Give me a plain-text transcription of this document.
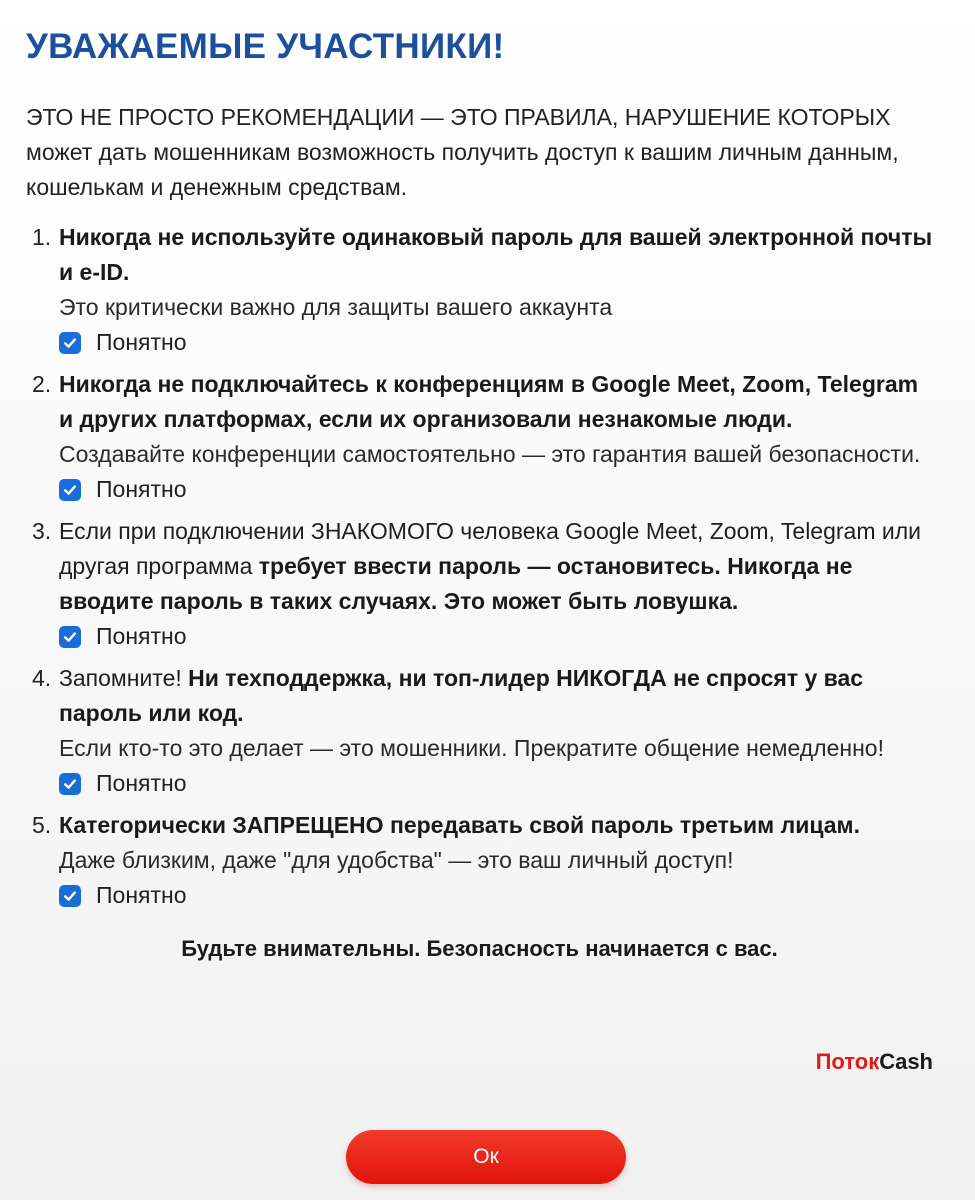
УВАЖАЕМЫЕ УЧАСТНИКИ!

ЭТО НЕ ПРОСТО РЕКОМЕНДАЦИИ — ЭТО ПРАВИЛА, НАРУШЕНИЕ КОТОРЫХ может дать мошенникам возможность получить доступ к вашим личным данным, кошелькам и денежным средствам.

1. Никогда не используйте одинаковый пароль для вашей электронной почты и e-ID.
Это критически важно для защиты вашего аккаунта
Понятно
2. Никогда не подключайтесь к конференциям в Google Meet, Zoom, Telegram и других платформах, если их организовали незнакомые люди.
Создавайте конференции самостоятельно — это гарантия вашей безопасности.
Понятно
3. Если при подключении ЗНАКОМОГО человека Google Meet, Zoom, Telegram или другая программа требует ввести пароль — остановитесь. Никогда не вводите пароль в таких случаях. Это может быть ловушка.
Понятно
4. Запомните! Ни техподдержка, ни топ-лидер НИКОГДА не спросят у вас пароль или код.
Если кто-то это делает — это мошенники. Прекратите общение немедленно!
Понятно
5. Категорически ЗАПРЕЩЕНО передавать свой пароль третьим лицам.
Даже близким, даже "для удобства" — это ваш личный доступ!
Понятно
Будьте внимательны. Безопасность начинается с вас.
ПотокCash
Ок
